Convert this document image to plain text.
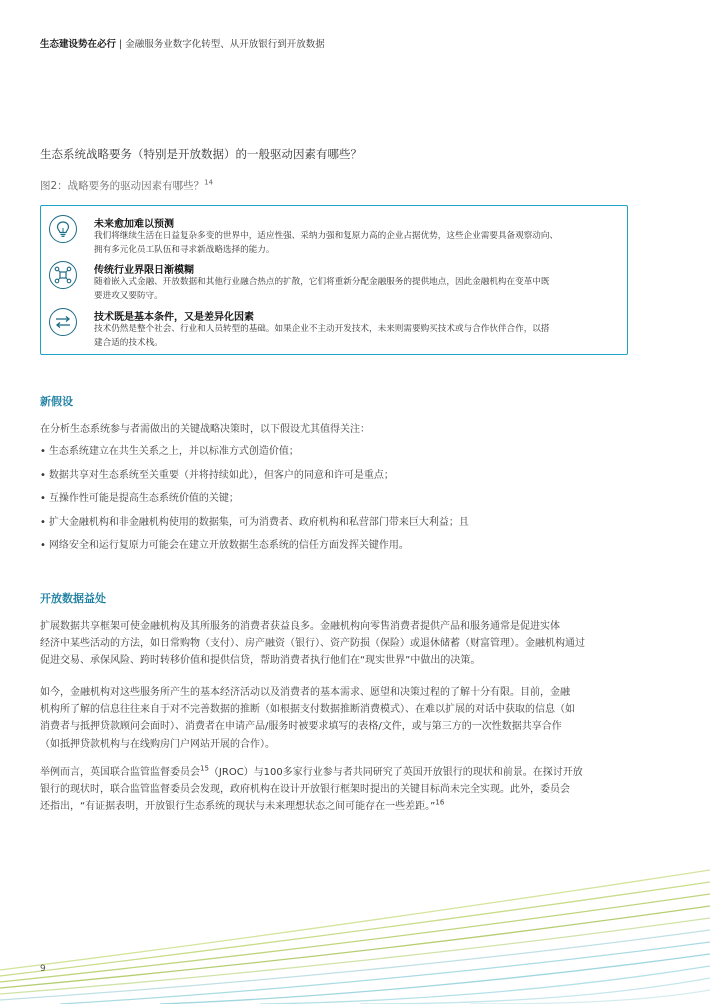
生态建设势在必行 | 金融服务业数字化转型、从开放银行到开放数据
生态系统战略要务（特别是开放数据）的一般驱动因素有哪些？
图2：战略要务的驱动因素有哪些？$^{14}$
未来愈加难以预测
我们将继续生活在日益复杂多变的世界中，适应性强、采纳力强和复原力高的企业占据优势，这些企业需要具备观察动向、
拥有多元化员工队伍和寻求新战略选择的能力。
传统行业界限日渐模糊
随着嵌入式金融、开放数据和其他行业融合热点的扩散，它们将重新分配金融服务的提供地点，因此金融机构在变革中既
要进攻又要防守。
技术既是基本条件，又是差异化因素
技术仍然是整个社会、行业和人员转型的基础。如果企业不主动开发技术，未来则需要购买技术或与合作伙伴合作，以搭
建合适的技术栈。
新假设
在分析生态系统参与者需做出的关键战略决策时，以下假设尤其值得关注：
• 生态系统建立在共生关系之上，并以标准方式创造价值；
• 数据共享对生态系统至关重要（并将持续如此），但客户的同意和许可是重点；
• 互操作性可能是提高生态系统价值的关键；
• 扩大金融机构和非金融机构使用的数据集，可为消费者、政府机构和私营部门带来巨大利益；且
• 网络安全和运行复原力可能会在建立开放数据生态系统的信任方面发挥关键作用。
开放数据益处
扩展数据共享框架可使金融机构及其所服务的消费者获益良多。金融机构向零售消费者提供产品和服务通常是促进实体
经济中某些活动的方法，如日常购物（支付）、房产融资（银行）、资产防损（保险）或退休储蓄（财富管理）。金融机构通过
促进交易、承保风险、跨时转移价值和提供信贷，帮助消费者执行他们在“现实世界”中做出的决策。
如今，金融机构对这些服务所产生的基本经济活动以及消费者的基本需求、愿望和决策过程的了解十分有限。目前，金融
机构所了解的信息往往来自于对不完善数据的推断（如根据支付数据推断消费模式）、在难以扩展的对话中获取的信息（如
消费者与抵押贷款顾问会面时）、消费者在申请产品/服务时被要求填写的表格/文件，或与第三方的一次性数据共享合作
（如抵押贷款机构与在线购房门户网站开展的合作）。
举例而言，英国联合监管监督委员会$^{15}$（JROC）与100多家行业参与者共同研究了英国开放银行的现状和前景。在探讨开放
银行的现状时，联合监管监督委员会发现，政府机构在设计开放银行框架时提出的关键目标尚未完全实现。此外，委员会
还指出，“有证据表明，开放银行生态系统的现状与未来理想状态之间可能存在一些差距。”$^{16}$
9
